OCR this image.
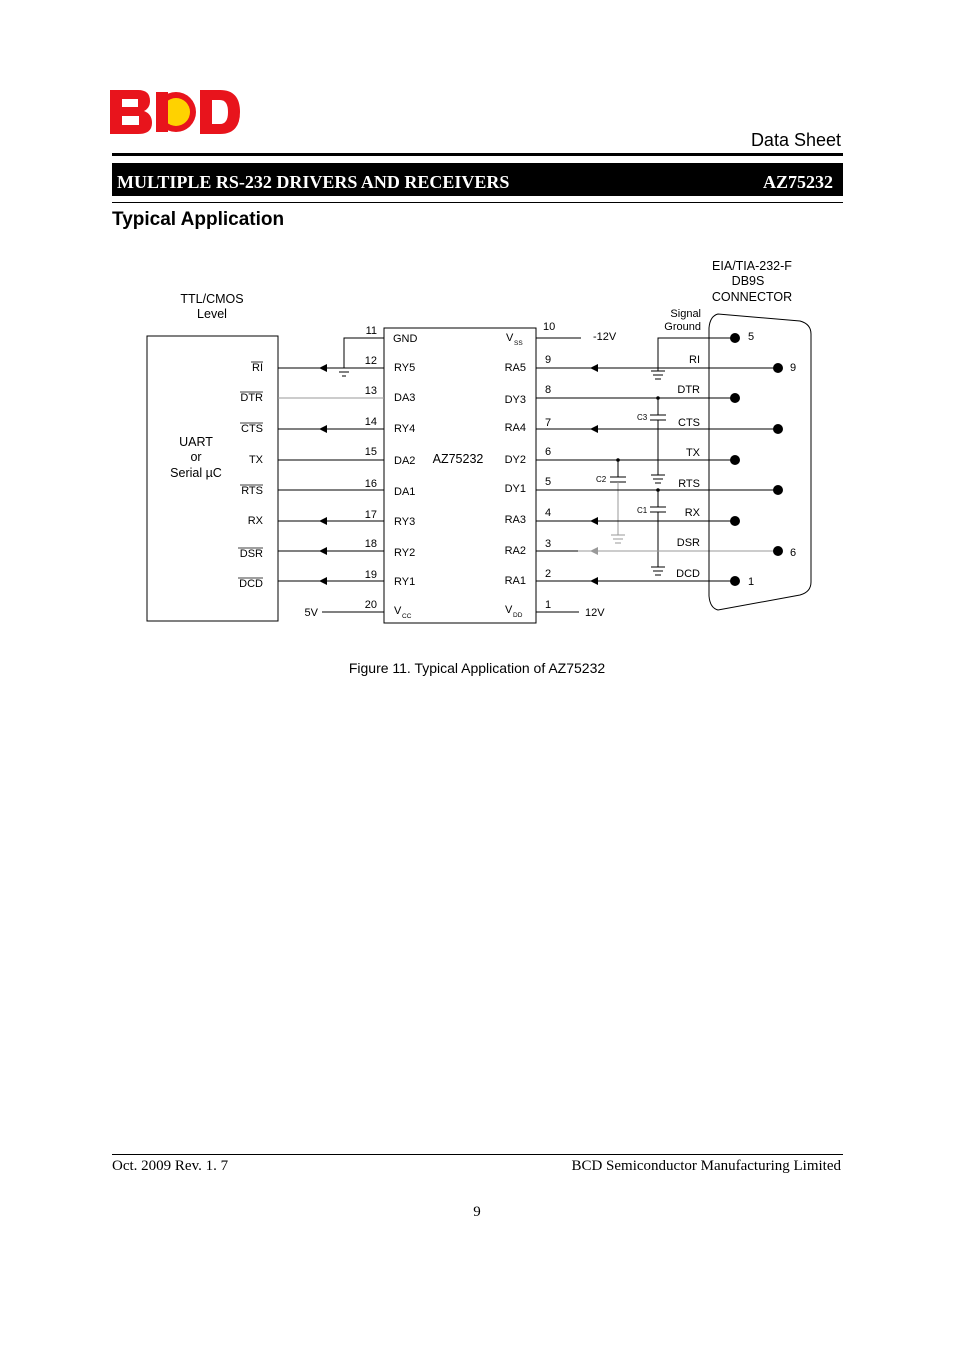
Data Sheet
MULTIPLE RS-232 DRIVERS AND RECEIVERS	AZ75232
Typical Application
TTL/CMOS
Level
EIA/TIA-232-F
DB9S
CONNECTOR
Signal
Ground
UART
or
Serial µC
RI
DTR
CTS
TX
RTS
RX
DSR
DCD
AZ75232
11
GND
12
RY5
13
DA3
14
RY4
15
DA2
16
DA1
17
RY3
18
RY2
19
RY1
20 V CC
10
V SS
9
RA5
8
DY3
7
RA4
6
DY2
5
DY1
4
RA3
3
RA2
2
RA1
1
V DD
5V
-12V
12V
C3
C2
C1
RI
DTR
CTS
TX
RTS
RX
DSR
DCD
5
9
6
1
Figure 11. Typical Application of AZ75232
Oct. 2009 Rev. 1. 7	BCD Semiconductor Manufacturing Limited
9
